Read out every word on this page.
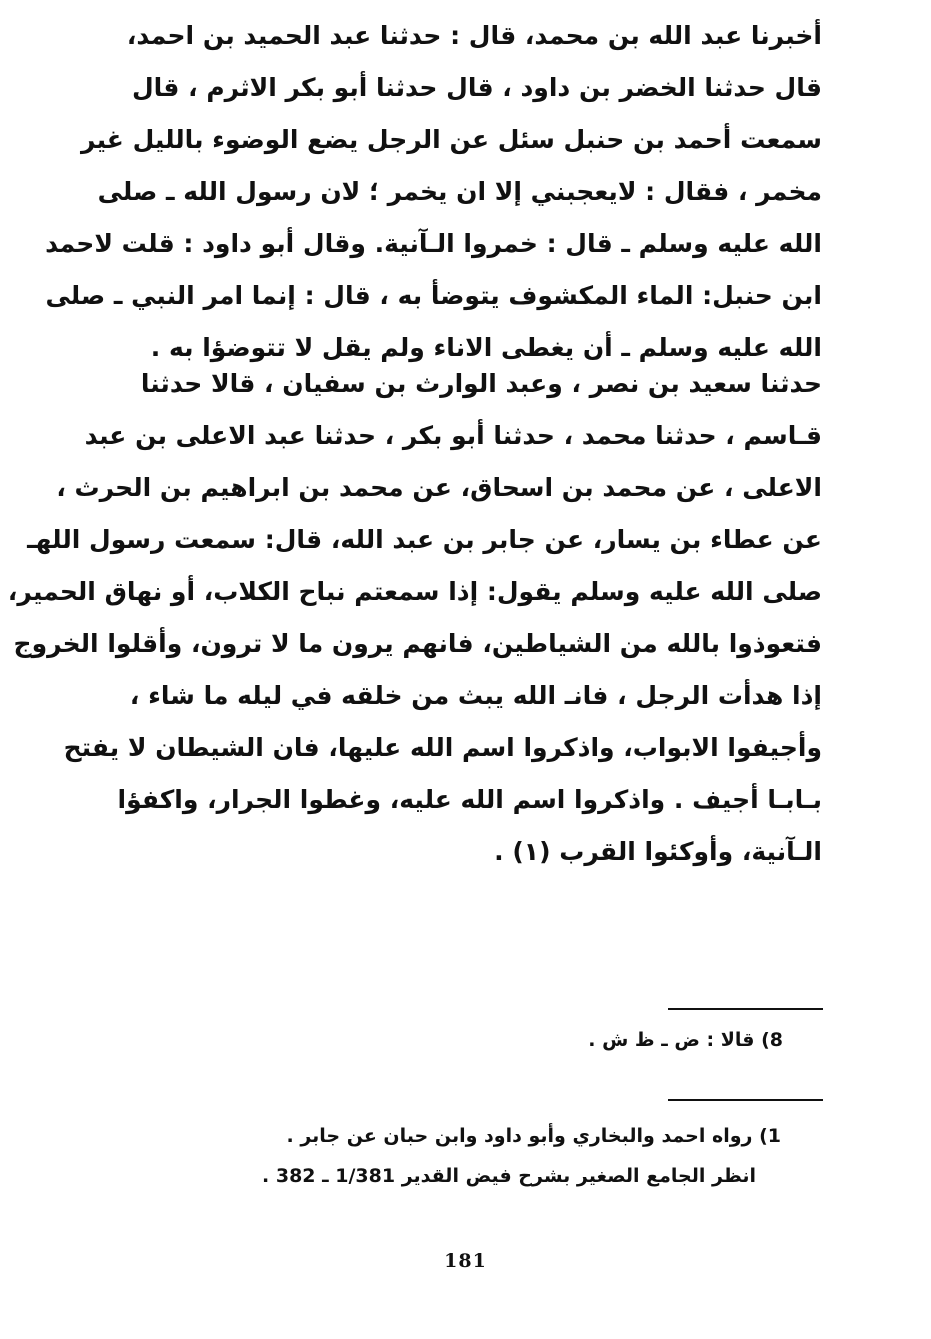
أخبرنا عبد الله بن محمد، قال : حدثنا عبد الحميد بن احمد،
قال حدثنا الخضر بن داود ، قال حدثنا أبو بكر الاثرم ، قال
سمعت أحمد بن حنبل سئل عن الرجل يضع الوضوء بالليل غير
مخمر ، فقال : لايعجبني إلا ان يخمر ؛ لان رسول الله ـ صلى
الله عليه وسلم ـ قال : خمروا الـآنية. وقال أبو داود : قلت لاحمد
ابن حنبل: الماء المكشوف يتوضأ به ، قال : إنما امر النبي ـ صلى
الله عليه وسلم ـ أن يغطى الاناء ولم يقل لا تتوضؤا به .
حدثنا سعيد بن نصر ، وعبد الوارث بن سفيان ، قالا حدثنا
قـاسم ، حدثنا محمد ، حدثنا أبو بكر ، حدثنا عبد الاعلى بن عبد
الاعلى ، عن محمد بن اسحاق، عن محمد بن ابراهيم بن الحرث ،
عن عطاء بن يسار، عن جابر بن عبد الله، قال: سمعت رسول اللهـ
صلى الله عليه وسلم يقول: إذا سمعتم نباح الكلاب، أو نهاق الحمير،
فتعوذوا بالله من الشياطين، فانهم يرون ما لا ترون، وأقلوا الخروج
إذا هدأت الرجل ، فانـ الله يبث من خلقه في ليله ما شاء ،
وأجيفوا الابواب، واذكروا اسم الله عليها، فان الشيطان لا يفتح
بـابـا أجيف . واذكروا اسم الله عليه، وغطوا الجرار، واكفؤا
الـآنية، وأوكئوا القرب (١) .
8) قالا : ض ـ ظ ش .
1) رواه احمد والبخاري وأبو داود وابن حبان عن جابر .
انظر الجامع الصغير بشرح فيض القدير 1/381 ـ 382 .
181
